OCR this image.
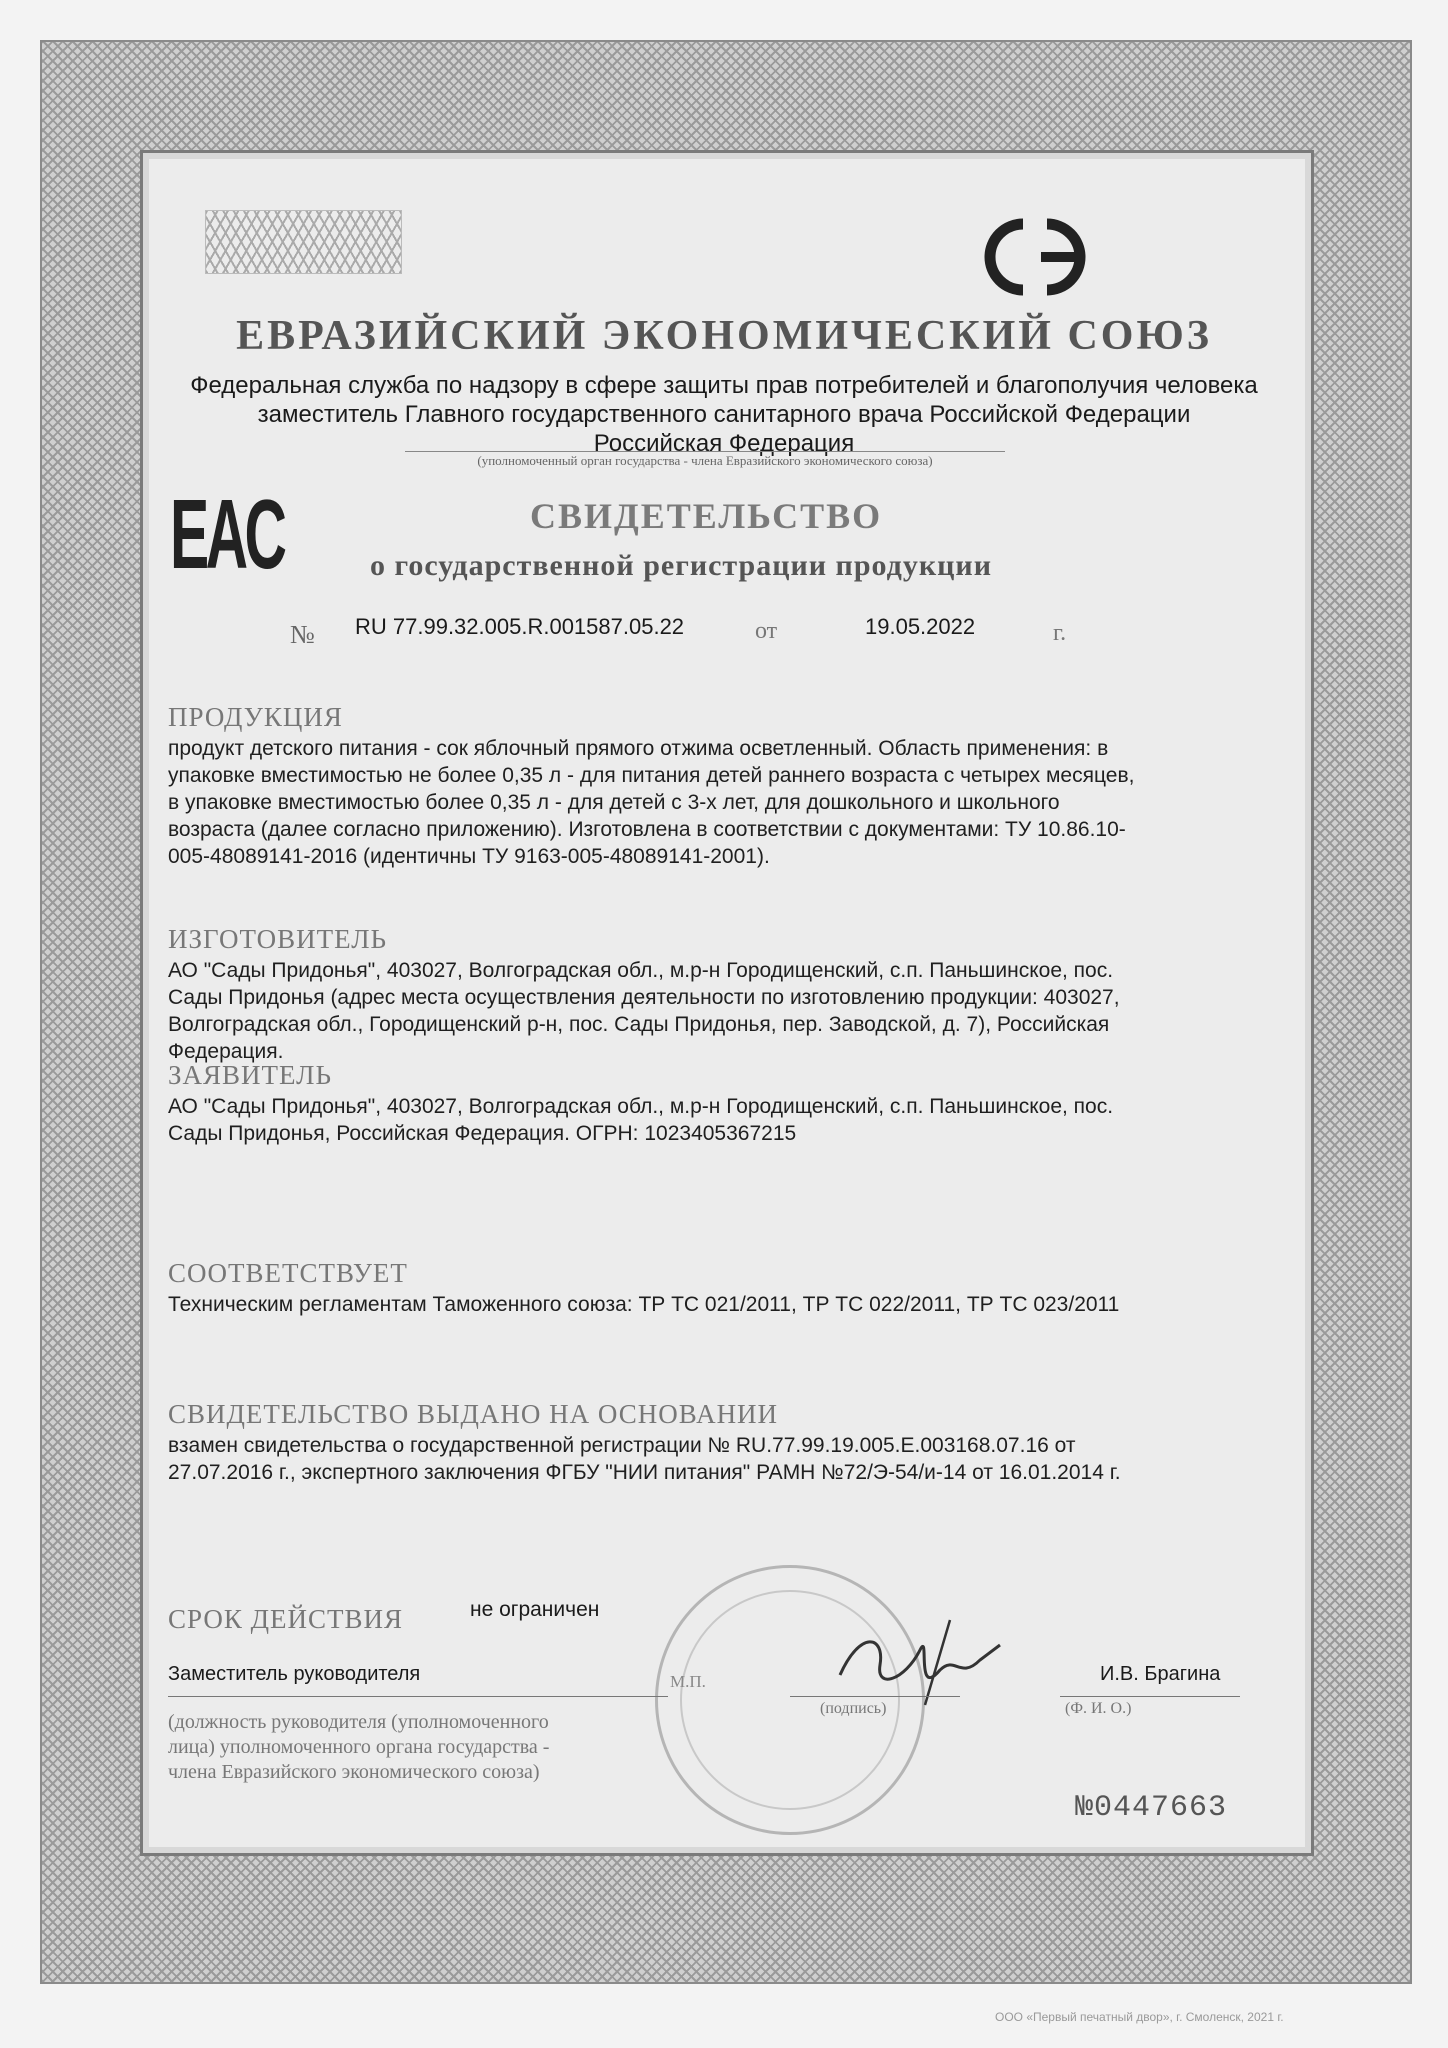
ЕВРАЗИЙСКИЙ ЭКОНОМИЧЕСКИЙ СОЮЗ
Федеральная служба по надзору в сфере защиты прав потребителей и благополучия человека
заместитель Главного государственного санитарного врача Российской Федерации
Российская Федерация
(уполномоченный орган государства - члена Евразийского экономического союза)
EAC	СВИДЕТЕЛЬСТВО
о государственной регистрации продукции
№ RU 77.99.32.005.R.001587.05.22	от	19.05.2022	г.
ПРОДУКЦИЯ
продукт детского питания - сок яблочный прямого отжима осветленный. Область применения: в
упаковке вместимостью не более 0,35 л - для питания детей раннего возраста с четырех месяцев,
в упаковке вместимостью более 0,35 л - для детей с 3-х лет, для дошкольного и школьного
возраста (далее согласно приложению). Изготовлена в соответствии с документами: ТУ 10.86.10-
005-48089141-2016 (идентичны ТУ 9163-005-48089141-2001).
ИЗГОТОВИТЕЛЬ
АО "Сады Придонья", 403027, Волгоградская обл., м.р-н Городищенский, с.п. Паньшинское, пос.
Сады Придонья (адрес места осуществления деятельности по изготовлению продукции: 403027,
Волгоградская обл., Городищенский р-н, пос. Сады Придонья, пер. Заводской, д. 7), Российская
Федерация.
ЗАЯВИТЕЛЬ
АО "Сады Придонья", 403027, Волгоградская обл., м.р-н Городищенский, с.п. Паньшинское, пос.
Сады Придонья, Российская Федерация. ОГРН: 1023405367215
СООТВЕТСТВУЕТ
Техническим регламентам Таможенного союза: ТР ТС 021/2011, ТР ТС 022/2011, ТР ТС 023/2011
СВИДЕТЕЛЬСТВО ВЫДАНО НА ОСНОВАНИИ
взамен свидетельства о государственной регистрации № RU.77.99.19.005.Е.003168.07.16 от
27.07.2016 г., экспертного заключения ФГБУ "НИИ питания" РАМН №72/Э-54/и-14 от 16.01.2014 г.
СРОК ДЕЙСТВИЯ	не ограничен
М.П.
Заместитель руководителя	И.В. Брагина
(подпись)	(Ф. И. О.)
(должность руководителя (уполномоченного
лица) уполномоченного органа государства -
члена Евразийского экономического союза)
№0447663
ООО «Первый печатный двор», г. Смоленск, 2021 г.
